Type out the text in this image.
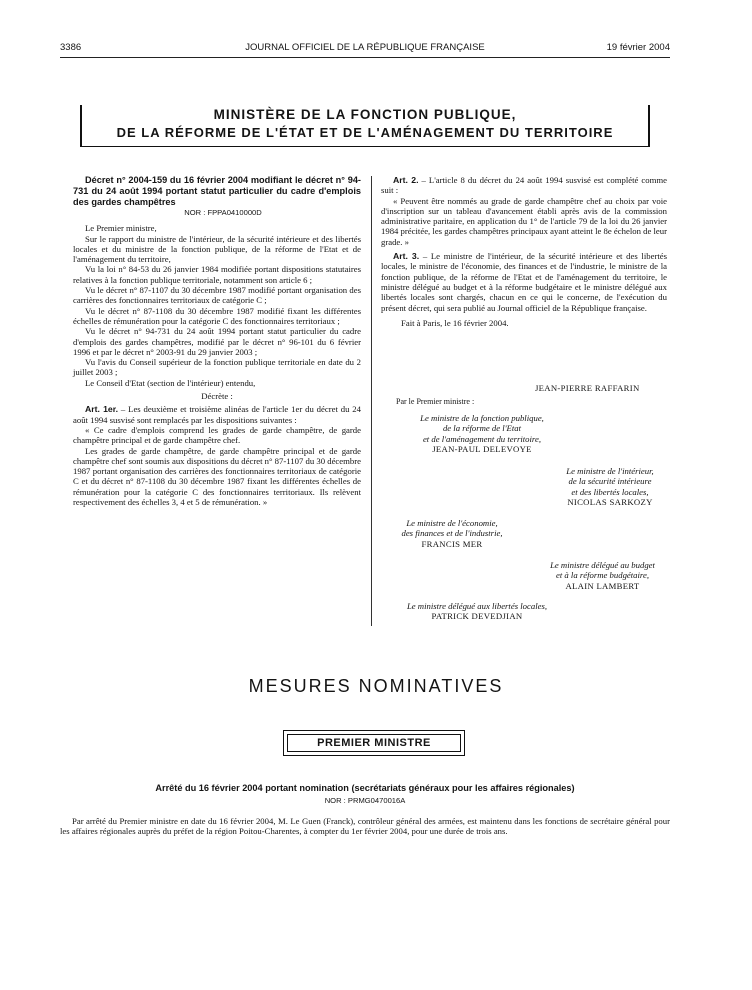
3386	JOURNAL OFFICIEL DE LA RÉPUBLIQUE FRANÇAISE	19 février 2004
MINISTÈRE DE LA FONCTION PUBLIQUE,
DE LA RÉFORME DE L'ÉTAT ET DE L'AMÉNAGEMENT DU TERRITOIRE

Décret n° 2004-159 du 16 février 2004 modifiant le décret n° 94-731 du 24 août 1994 portant statut particulier du cadre d'emplois des gardes champêtres

NOR : FPPA0410000D

Le Premier ministre,

Sur le rapport du ministre de l'intérieur, de la sécurité intérieure et des libertés locales et du ministre de la fonction publique, de la réforme de l'Etat et de l'aménagement du territoire,

Vu la loi n° 84-53 du 26 janvier 1984 modifiée portant dispositions statutaires relatives à la fonction publique territoriale, notamment son article 6 ;

Vu le décret n° 87-1107 du 30 décembre 1987 modifié portant organisation des carrières des fonctionnaires territoriaux de catégorie C ;

Vu le décret n° 87-1108 du 30 décembre 1987 modifié fixant les différentes échelles de rémunération pour la catégorie C des fonctionnaires territoriaux ;

Vu le décret n° 94-731 du 24 août 1994 portant statut particulier du cadre d'emplois des gardes champêtres, modifié par le décret n° 96-101 du 6 février 1996 et par le décret n° 2003-91 du 29 janvier 2003 ;

Vu l'avis du Conseil supérieur de la fonction publique territoriale en date du 2 juillet 2003 ;

Le Conseil d'Etat (section de l'intérieur) entendu,

Décrète :

Art. 1er. – Les deuxième et troisième alinéas de l'article 1er du décret du 24 août 1994 susvisé sont remplacés par les dispositions suivantes :

« Ce cadre d'emplois comprend les grades de garde champêtre, de garde champêtre principal et de garde champêtre chef.

Les grades de garde champêtre, de garde champêtre principal et de garde champêtre chef sont soumis aux dispositions du décret n° 87-1107 du 30 décembre 1987 portant organisation des carrières des fonctionnaires territoriaux de catégorie C et du décret n° 87-1108 du 30 décembre 1987 fixant les différentes échelles de rémunération pour la catégorie C des fonctionnaires territoriaux. Ils relèvent respectivement des échelles 3, 4 et 5 de rémunération. »

Art. 2. – L'article 8 du décret du 24 août 1994 susvisé est complété comme suit :

« Peuvent être nommés au grade de garde champêtre chef au choix par voie d'inscription sur un tableau d'avancement établi après avis de la commission administrative paritaire, en application du 1° de l'article 79 de la loi du 26 janvier 1984 précitée, les gardes champêtres principaux ayant atteint le 8e échelon de leur grade. »

Art. 3. – Le ministre de l'intérieur, de la sécurité intérieure et des libertés locales, le ministre de l'économie, des finances et de l'industrie, le ministre de la fonction publique, de la réforme de l'Etat et de l'aménagement du territoire, le ministre délégué au budget et à la réforme budgétaire et le ministre délégué aux libertés locales sont chargés, chacun en ce qui le concerne, de l'exécution du présent décret, qui sera publié au Journal officiel de la République française.

Fait à Paris, le 16 février 2004.

JEAN-PIERRE RAFFARIN
Par le Premier ministre :
Le ministre de la fonction publique,
de la réforme de l'Etat
et de l'aménagement du territoire,
JEAN-PAUL DELEVOYE
Le ministre de l'intérieur,
de la sécurité intérieure
et des libertés locales,
NICOLAS SARKOZY
Le ministre de l'économie,
des finances et de l'industrie,
FRANCIS MER
Le ministre délégué au budget
et à la réforme budgétaire,
ALAIN LAMBERT
Le ministre délégué aux libertés locales,
PATRICK DEVEDJIAN
MESURES NOMINATIVES
PREMIER MINISTRE
Arrêté du 16 février 2004 portant nomination (secrétariats généraux pour les affaires régionales)
NOR : PRMG0470016A
Par arrêté du Premier ministre en date du 16 février 2004, M. Le Guen (Franck), contrôleur général des armées, est maintenu dans les fonctions de secrétaire général pour les affaires régionales auprès du préfet de la région Poitou-Charentes, à compter du 1er février 2004, pour une durée de trois ans.
